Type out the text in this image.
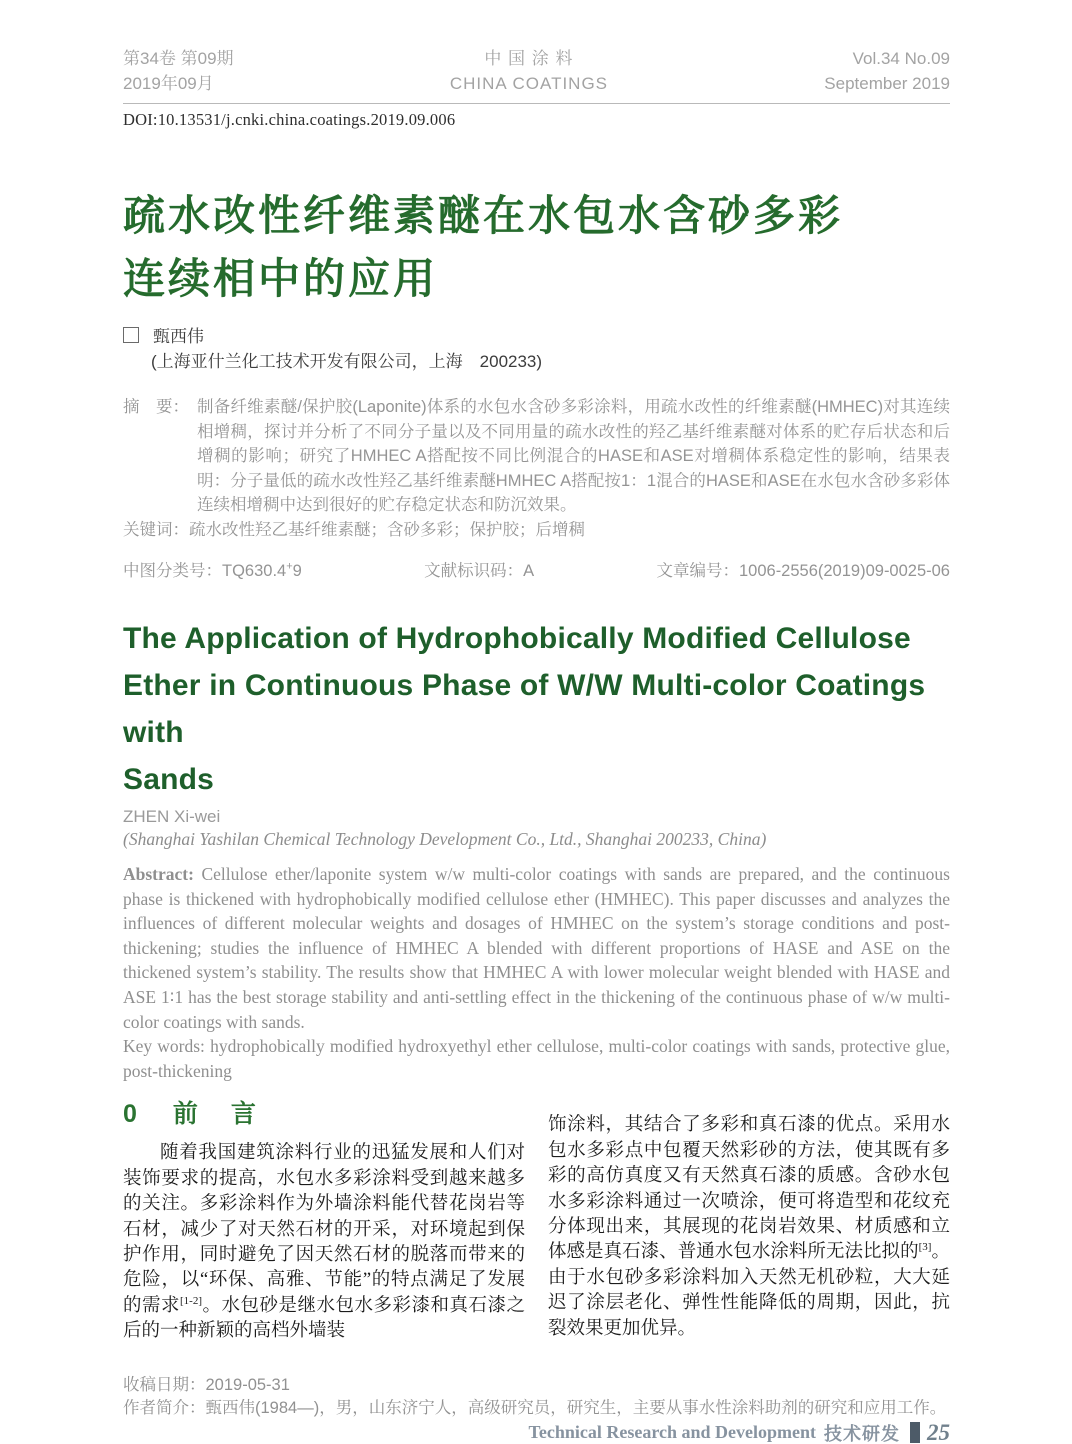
第34卷 第09期
2019年09月
中 国 涂 料
CHINA COATINGS
Vol.34 No.09
September 2019
DOI:10.13531/j.cnki.china.coatings.2019.09.006
疏水改性纤维素醚在水包水含砂多彩
连续相中的应用
甄西伟
(上海亚什兰化工技术开发有限公司，上海　200233)
摘　要： 制备纤维素醚/保护胶(Laponite)体系的水包水含砂多彩涂料，用疏水改性的纤维素醚(HMHEC)对其连续相增稠，探讨并分析了不同分子量以及不同用量的疏水改性的羟乙基纤维素醚对体系的贮存后状态和后增稠的影响；研究了HMHEC A搭配按不同比例混合的HASE和ASE对增稠体系稳定性的影响，结果表明：分子量低的疏水改性羟乙基纤维素醚HMHEC A搭配按1：1混合的HASE和ASE在水包水含砂多彩体连续相增稠中达到很好的贮存稳定状态和防沉效果。
关键词：疏水改性羟乙基纤维素醚；含砂多彩；保护胶；后增稠
中图分类号：TQ630.4+9	文献标识码：A	文章编号：1006-2556(2019)09-0025-06
The Application of Hydrophobically Modified Cellulose
Ether in Continuous Phase of W/W Multi-color Coatings with
Sands
ZHEN Xi-wei
(Shanghai Yashilan Chemical Technology Development Co., Ltd., Shanghai 200233, China)
Abstract: Cellulose ether/laponite system w/w multi-color coatings with sands are prepared, and the continuous phase is thickened with hydrophobically modified cellulose ether (HMHEC). This paper discusses and analyzes the influences of different molecular weights and dosages of HMHEC on the system’s storage conditions and post-thickening; studies the influence of HMHEC A blended with different proportions of HASE and ASE on the thickened system’s stability. The results show that HMHEC A with lower molecular weight blended with HASE and ASE 1∶1 has the best storage stability and anti-settling effect in the thickening of the continuous phase of w/w multi-color coatings with sands.
Key words: hydrophobically modified hydroxyethyl ether cellulose, multi-color coatings with sands, protective glue, post-thickening
0 前　言

随着我国建筑涂料行业的迅猛发展和人们对装饰要求的提高，水包水多彩涂料受到越来越多的关注。多彩涂料作为外墙涂料能代替花岗岩等石材，减少了对天然石材的开采，对环境起到保护作用，同时避免了因天然石材的脱落而带来的危险，以“环保、高雅、节能”的特点满足了发展的需求[1-2]。水包砂是继水包水多彩漆和真石漆之后的一种新颖的高档外墙装

饰涂料，其结合了多彩和真石漆的优点。采用水包水多彩点中包覆天然彩砂的方法，使其既有多彩的高仿真度又有天然真石漆的质感。含砂水包水多彩涂料通过一次喷涂，便可将造型和花纹充分体现出来，其展现的花岗岩效果、材质感和立体感是真石漆、普通水包水涂料所无法比拟的[3]。由于水包砂多彩涂料加入天然无机砂粒，大大延迟了涂层老化、弹性性能降低的周期，因此，抗裂效果更加优异。

收稿日期：2019-05-31
作者简介：甄西伟(1984—)，男，山东济宁人，高级研究员，研究生，主要从事水性涂料助剂的研究和应用工作。
Technical Research and Development 技术研发 25
